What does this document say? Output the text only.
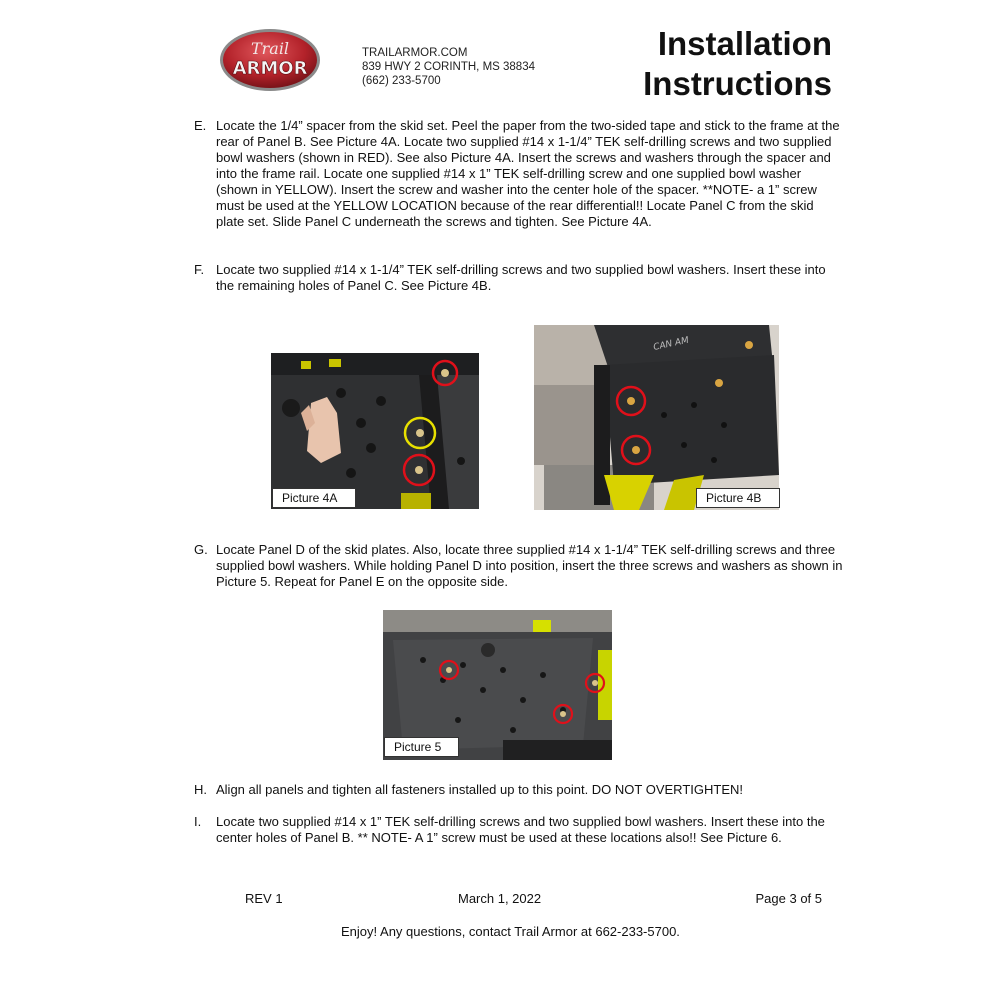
Trail
ARMOR
TRAILARMOR.COM
839 HWY 2 CORINTH, MS 38834
(662) 233-5700
Installation
Instructions
E. Locate the 1/4” spacer from the skid set. Peel the paper from the two-sided tape and stick to the frame at the rear of Panel B. See Picture 4A. Locate two supplied #14 x 1-1/4” TEK self-drilling screws and two supplied bowl washers (shown in RED). See also Picture 4A. Insert the screws and washers through the spacer and into the frame rail. Locate one supplied #14 x 1” TEK self-drilling screw and one supplied bowl washer (shown in YELLOW). Insert the screw and washer into the center hole of the spacer. **NOTE- a 1” screw must be used at the YELLOW LOCATION because of the rear differential!! Locate Panel C from the skid plate set. Slide Panel C underneath the screws and tighten. See Picture 4A.
F. Locate two supplied #14 x 1-1/4” TEK self-drilling screws and two supplied bowl washers. Insert these into the remaining holes of Panel C. See Picture 4B.
Picture 4A
CAN AM
Picture 4B
G. Locate Panel D of the skid plates. Also, locate three supplied #14 x 1-1/4” TEK self-drilling screws and three supplied bowl washers. While holding Panel D into position, insert the three screws and washers as shown in Picture 5. Repeat for Panel E on the opposite side.
Picture 5
H. Align all panels and tighten all fasteners installed up to this point. DO NOT OVERTIGHTEN!
I. Locate two supplied #14 x 1” TEK self-drilling screws and two supplied bowl washers. Insert these into the center holes of Panel B. ** NOTE- A 1” screw must be used at these locations also!! See Picture 6.
REV 1	March 1, 2022	Page 3 of 5
Enjoy! Any questions, contact Trail Armor at 662-233-5700.
